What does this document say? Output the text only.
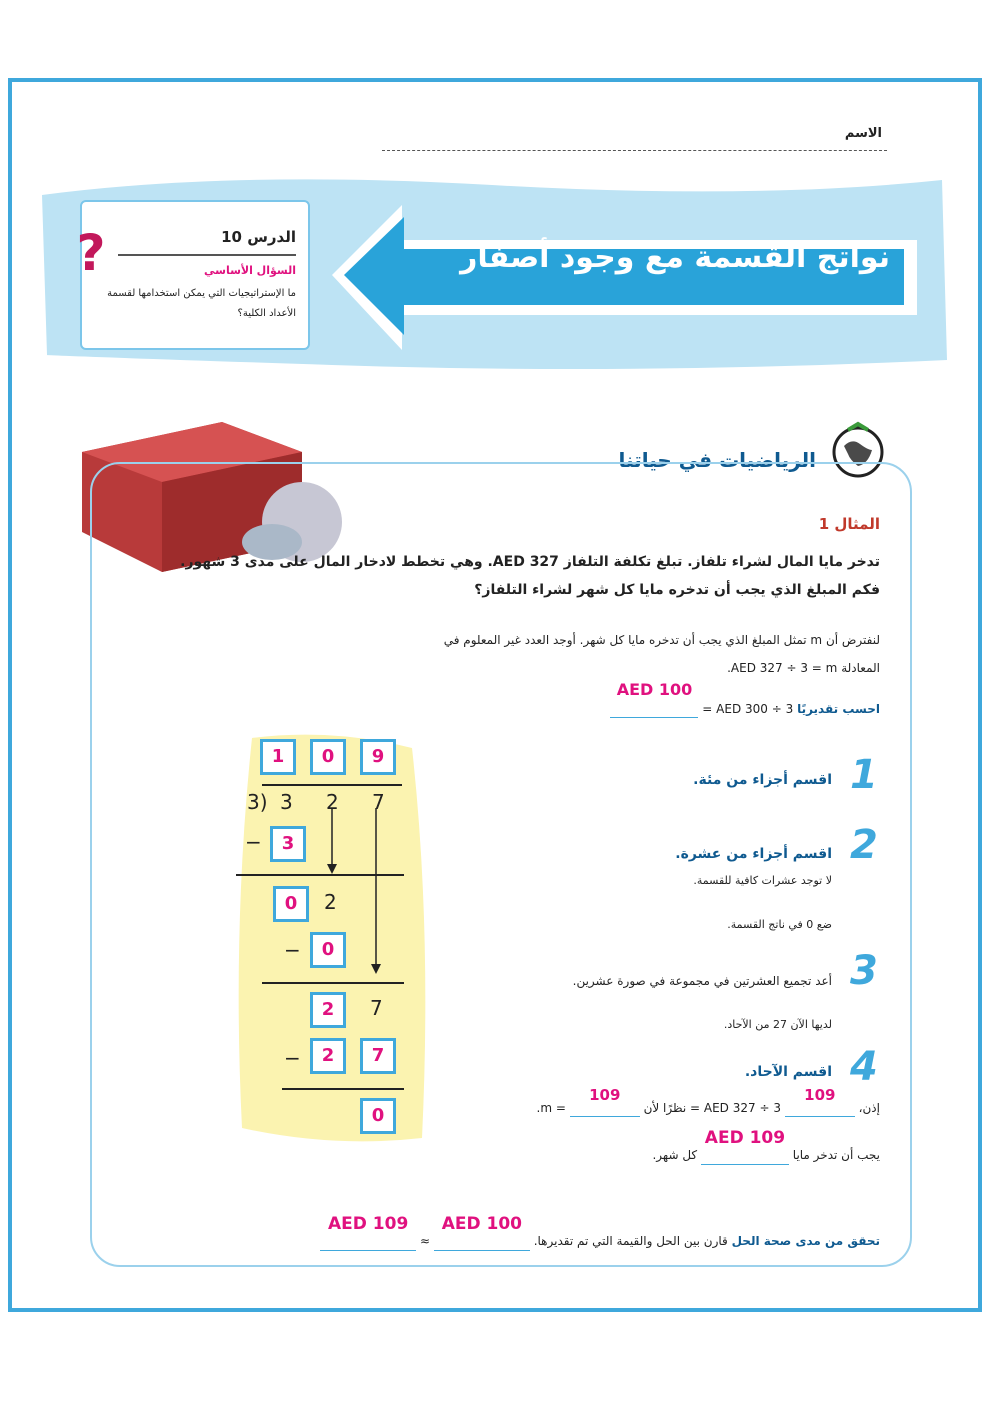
الاسم
الدرس 10
السؤال الأساسي
ما الإستراتيجيات التي يمكن استخدامها لقسمة الأعداد الكلية؟
?	نواتج القسمة مع وجود أصفار
الرياضيات في حياتنا
المثال 1
تدخر مايا المال لشراء تلفاز. تبلغ تكلفة التلفاز AED 327. وهي تخطط لادخار المال على مدى 3 شهور. فكم المبلغ الذي يجب أن تدخره مايا كل شهر لشراء التلفاز؟
لنفترض أن m تمثل المبلغ الذي يجب أن تدخره مايا كل شهر. أوجد العدد غير المعلوم في
المعادلة AED 327 ÷ 3 = m.
احسب تقديريًا AED 300 ÷ 3 = AED 100
1	0	9
3) 3 2 7
−	3
0	2
−	0
2	7
−	2	7
0
1
اقسم أجزاء من مئة.
2
اقسم أجزاء من عشرة.
لا توجد عشرات كافية للقسمة.
ضع 0 في ناتج القسمة.
3
أعد تجميع العشرتين في مجموعة في صورة عشرين.
لديها الآن 27 من الآحاد.
4
اقسم الآحاد.
إذن، 109 AED 327 ÷ 3 = نظرًا لأن 109 = m.
يجب أن تدخر مايا AED 109 كل شهر.
تحقق من مدى صحة الحل قارن بين الحل والقيمة التي تم تقديرها. AED 100 ≈ AED 109
